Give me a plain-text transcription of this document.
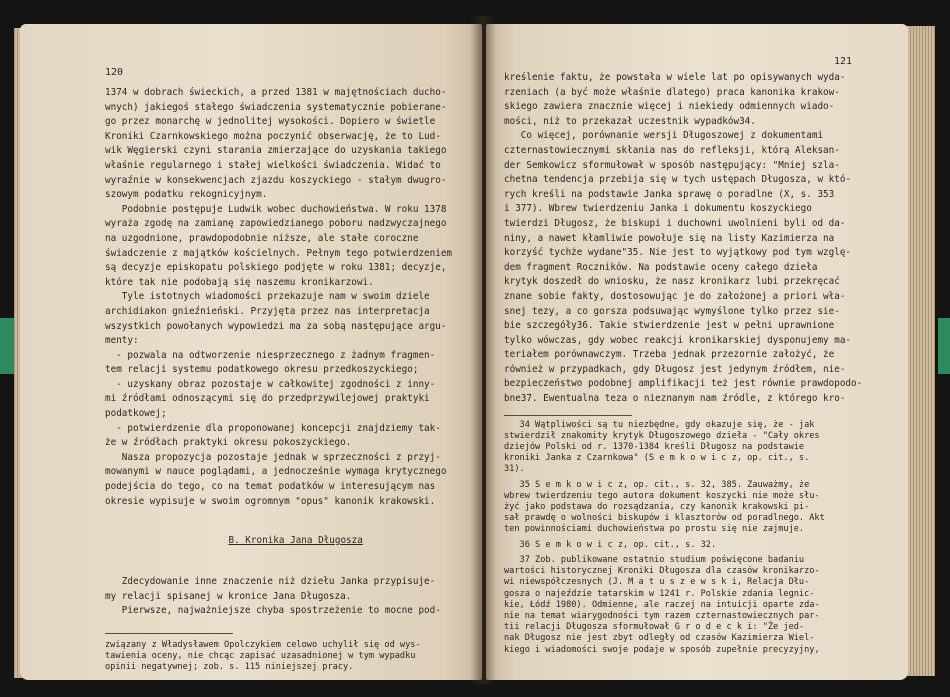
120

1374 w dobrach świeckich, a przed 1381 w majętnościach ducho-

wnych) jakiegoś stałego świadczenia systematycznie pobierane-

go przez monarchę w jednolitej wysokości. Dopiero w świetle

Kroniki Czarnkowskiego można poczynić obserwację, że to Lud-

wik Węgierski czyni starania zmierzające do uzyskania takiego

właśnie regularnego i stałej wielkości świadczenia. Widać to

wyraźnie w konsekwencjach zjazdu koszyckiego - stałym dwugro-

szowym podatku rekognicyjnym.

Podobnie postępuje Ludwik wobec duchowieństwa. W roku 1378

wyraża zgodę na zamianę zapowiedzianego poboru nadzwyczajnego

na uzgodnione, prawdopodobnie niższe, ale stałe coroczne

świadczenie z majątków kościelnych. Pełnym tego potwierdzeniem

są decyzje episkopatu polskiego podjęte w roku 1381; decyzje,

które tak nie podobają się naszemu kronikarzowi.

Tyle istotnych wiadomości przekazuje nam w swoim dziele

archidiakon gnieźnieński. Przyjęta przez nas interpretacja

wszystkich powołanych wypowiedzi ma za sobą następujące argu-

menty:

- pozwala na odtworzenie niesprzecznego z żadnym fragmen-

tem relacji systemu podatkowego okresu przedkoszyckiego;

- uzyskany obraz pozostaje w całkowitej zgodności z inny-

mi źródłami odnoszącymi się do przedprzywilejowej praktyki

podatkowej;

- potwierdzenie dla proponowanej koncepcji znajdziemy tak-

że w źródłach praktyki okresu pokoszyckiego.

Nasza propozycja pozostaje jednak w sprzeczności z przyj-

mowanymi w nauce poglądami, a jednocześnie wymaga krytycznego

podejścia do tego, co na temat podatków w interesującym nas

okresie wypisuje w swoim ogromnym "opus" kanonik krakowski.

B. Kronika Jana Długosza

Zdecydowanie inne znaczenie niż dziełu Janka przypisuje-

my relacji spisanej w kronice Jana Długosza.

Pierwsze, najważniejsze chyba spostrzeżenie to mocne pod-

związany z Władysławem Opolczykiem celowo uchylił się od wys-

tawienia oceny, nie chcąc zapisać uzasadnionej w tym wypadku

opinii negatywnej; zob. s. 115 niniejszej pracy.

121

kreślenie faktu, że powstała w wiele lat po opisywanych wyda-

rzeniach (a być może właśnie dlatego) praca kanonika krakow-

skiego zawiera znacznie więcej i niekiedy odmiennych wiado-

mości, niż to przekazał uczestnik wypadków34.

Co więcej, porównanie wersji Długoszowej z dokumentami

czternastowiecznymi skłania nas do refleksji, którą Aleksan-

der Semkowicz sformułował w sposób następujący: "Mniej szla-

chetna tendencja przebija się w tych ustępach Długosza, w któ-

rych kreśli na podstawie Janka sprawę o poradlne (X, s. 353

i 377). Wbrew twierdzeniu Janka i dokumentu koszyckiego

twierdzi Długosz, że biskupi i duchowni uwolnieni byli od da-

niny, a nawet kłamliwie powołuje się na listy Kazimierza na

korzyść tychże wydane"35. Nie jest to wyjątkowy pod tym wzglę-

dem fragment Roczników. Na podstawie oceny całego dzieła

krytyk doszedł do wniosku, że nasz kronikarz lubi przekręcać

znane sobie fakty, dostosowując je do założonej a priori wła-

snej tezy, a co gorsza podsuwając wymyślone tylko przez sie-

bie szczegóły36. Takie stwierdzenie jest w pełni uprawnione

tylko wówczas, gdy wobec reakcji kronikarskiej dysponujemy ma-

teriałem porównawczym. Trzeba jednak przezornie założyć, że

również w przypadkach, gdy Długosz jest jedynym źródłem, nie-

bezpieczeństwo podobnej amplifikacji też jest równie prawdopodo-

bne37. Ewentualna teza o nieznanym nam źródle, z którego kro-

34 Wątpliwości są tu niezbędne, gdy okazuje się, że - jak
stwierdził znakomity krytyk Długoszowego dzieła - "Cały okres
dziejów Polski od r. 1370-1384 kreśli Długosz na podstawie
kroniki Janka z Czarnkowa" (S e m k o w i c z, op. cit., s.
31).

35 S e m k o w i c z, op. cit., s. 32, 385. Zauważmy, że
wbrew twierdzeniu tego autora dokument koszycki nie może słu-
żyć jako podstawa do rozsądzania, czy kanonik krakowski pi-
sał prawdę o wolności biskupów i klasztorów od poradlnego. Akt
ten powinnościami duchowieństwa po prostu się nie zajmuje.

36 S e m k o w i c z, op. cit., s. 32.

37 Zob. publikowane ostatnio studium poświęcone badaniu
wartości historycznej Kroniki Długosza dla czasów kronikarzo-
wi niewspółczesnych (J. M a t u s z e w s k i, Relacja Dłu-
gosza o najeździe tatarskim w 1241 r. Polskie zdania legnic-
kie, Łódź 1980). Odmienne, ale raczej na intuicji oparte zda-
nie na temat wiarygodności tym razem czternastowiecznych par-
tii relacji Długosza sformułował G r o d e c k i: "Że jed-
nak Długosz nie jest zbyt odległy od czasów Kazimierza Wiel-
kiego i wiadomości swoje podaje w sposób zupełnie precyzyjny,
